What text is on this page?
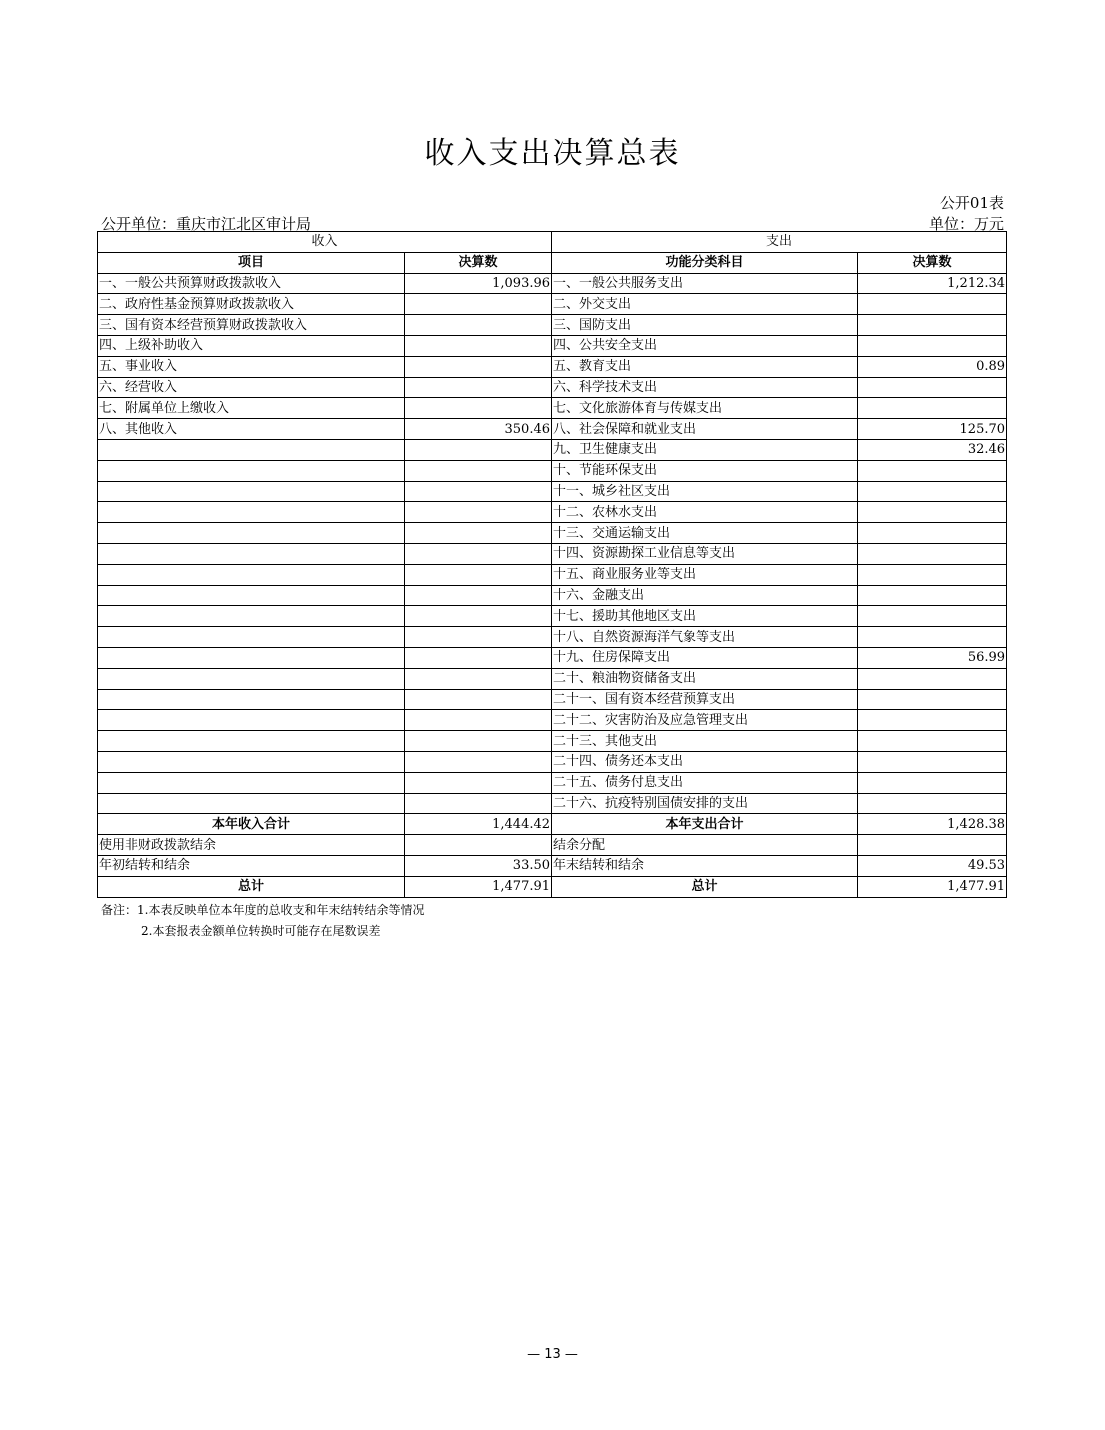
收入支出决算总表
公开01表
公开单位：重庆市江北区审计局	单位：万元
收入		支出	
项目	决算数	功能分类科目	决算数
一、一般公共预算财政拨款收入	1,093.96	一、一般公共服务支出	1,212.34
二、政府性基金预算财政拨款收入		二、外交支出	
三、国有资本经营预算财政拨款收入		三、国防支出	
四、上级补助收入		四、公共安全支出	
五、事业收入		五、教育支出	0.89
六、经营收入		六、科学技术支出	
七、附属单位上缴收入		七、文化旅游体育与传媒支出	
八、其他收入	350.46	八、社会保障和就业支出	125.70
		九、卫生健康支出	32.46
		十、节能环保支出	
		十一、城乡社区支出	
		十二、农林水支出	
		十三、交通运输支出	
		十四、资源勘探工业信息等支出	
		十五、商业服务业等支出	
		十六、金融支出	
		十七、援助其他地区支出	
		十八、自然资源海洋气象等支出	
		十九、住房保障支出	56.99
		二十、粮油物资储备支出	
		二十一、国有资本经营预算支出	
		二十二、灾害防治及应急管理支出	
		二十三、其他支出	
		二十四、债务还本支出	
		二十五、债务付息支出	
		二十六、抗疫特别国债安排的支出	
本年收入合计	1,444.42	本年支出合计	1,428.38
使用非财政拨款结余		结余分配	
年初结转和结余	33.50	年末结转和结余	49.53
总计	1,477.91	总计	1,477.91
备注：1.本表反映单位本年度的总收支和年末结转结余等情况
2.本套报表金额单位转换时可能存在尾数误差
— 13 —
